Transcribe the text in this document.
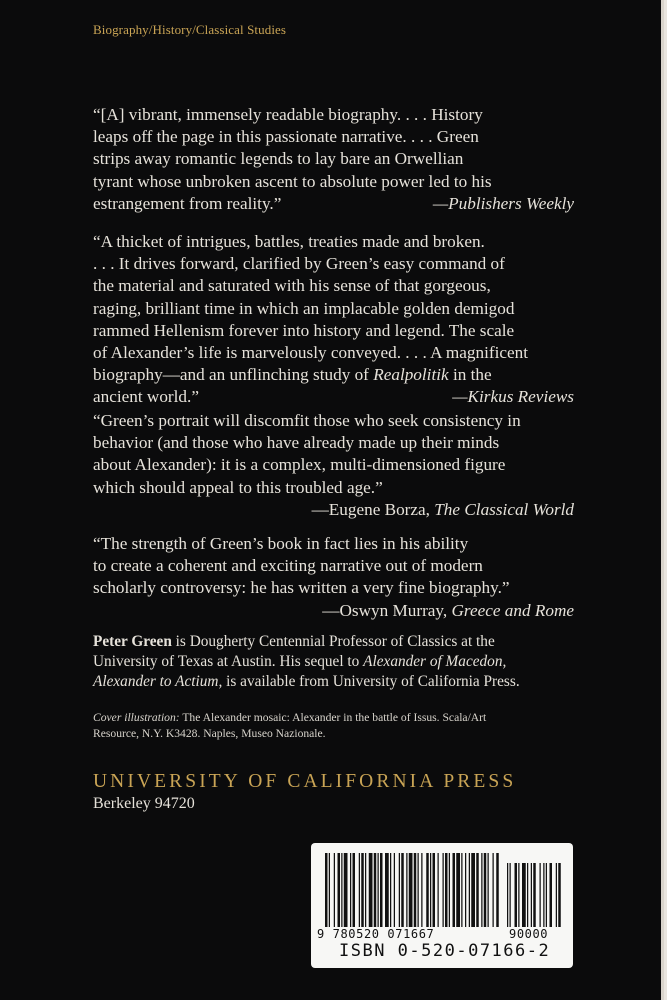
Biography/History/Classical Studies
“[A] vibrant, immensely readable biography. . . . History
leaps off the page in this passionate narrative. . . . Green
strips away romantic legends to lay bare an Orwellian
tyrant whose unbroken ascent to absolute power led to his
estrangement from reality.”	—Publishers Weekly
“A thicket of intrigues, battles, treaties made and broken.
. . . It drives forward, clarified by Green’s easy command of
the material and saturated with his sense of that gorgeous,
raging, brilliant time in which an implacable golden demigod
rammed Hellenism forever into history and legend. The scale
of Alexander’s life is marvelously conveyed. . . . A magnificent
biography—and an unflinching study of Realpolitik in the
ancient world.”	—Kirkus Reviews
“Green’s portrait will discomfit those who seek consistency in
behavior (and those who have already made up their minds
about Alexander): it is a complex, multi-dimensioned figure
which should appeal to this troubled age.”
—Eugene Borza, The Classical World
“The strength of Green’s book in fact lies in his ability
to create a coherent and exciting narrative out of modern
scholarly controversy: he has written a very fine biography.”
—Oswyn Murray, Greece and Rome
Peter Green is Dougherty Centennial Professor of Classics at the
University of Texas at Austin. His sequel to Alexander of Macedon,
Alexander to Actium, is available from University of California Press.
Cover illustration: The Alexander mosaic: Alexander in the battle of Issus. Scala/Art
Resource, N.Y. K3428. Naples, Museo Nazionale.
UNIVERSITY OF CALIFORNIA PRESS
Berkeley 94720
9 780520 071667	90000
ISBN 0-520-07166-2
